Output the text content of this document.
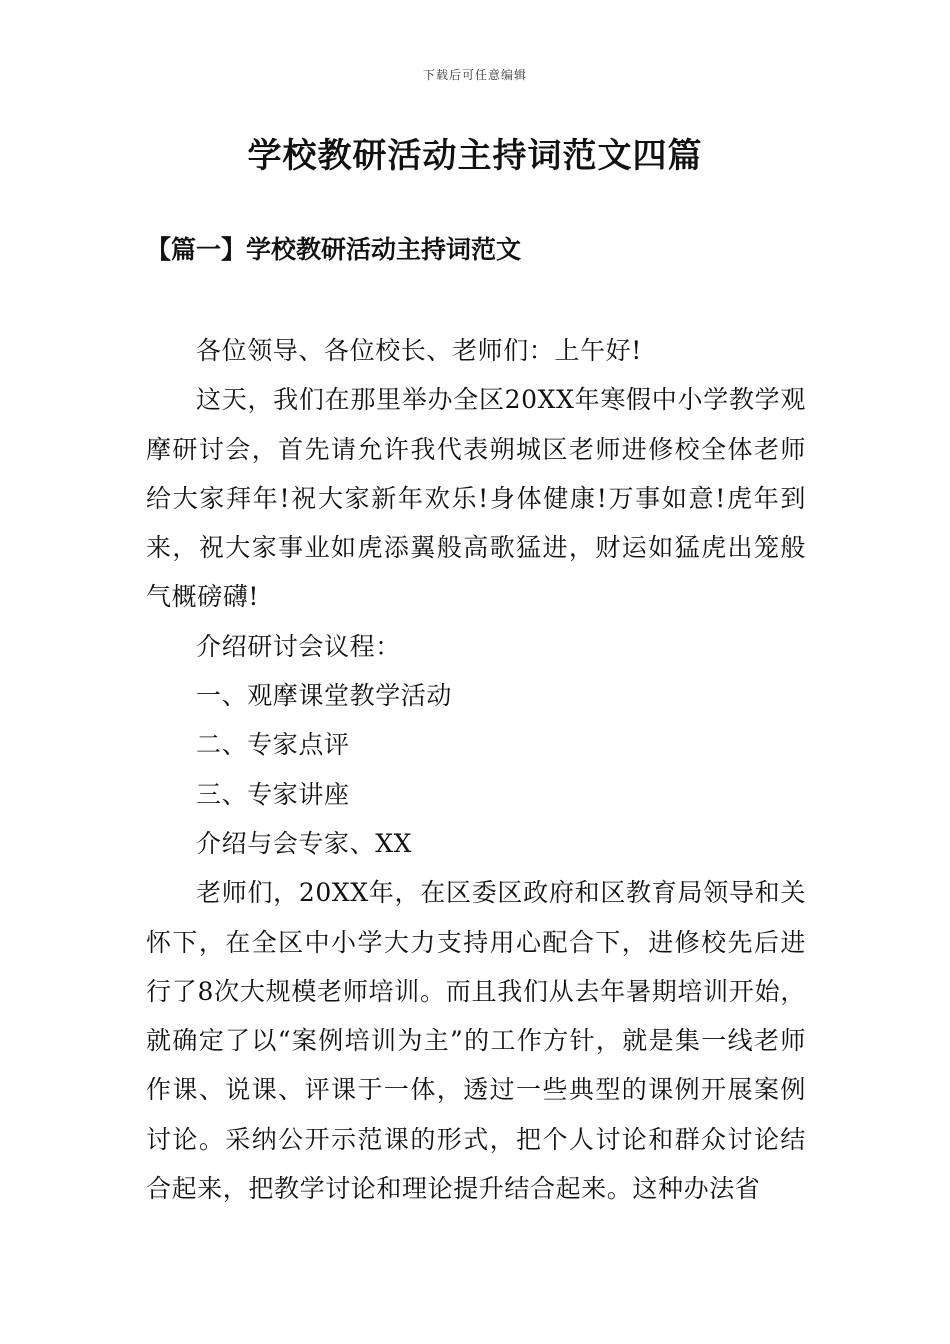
下载后可任意编辑
学校教研活动主持词范文四篇
【篇一】学校教研活动主持词范文

各位领导、各位校长、老师们：上午好!

这天，我们在那里举办全区20XX年寒假中小学教学观摩研讨会，首先请允许我代表朔城区老师进修校全体老师给大家拜年!祝大家新年欢乐!身体健康!万事如意!虎年到来，祝大家事业如虎添翼般高歌猛进，财运如猛虎出笼般气概磅礴!

介绍研讨会议程：

一、观摩课堂教学活动

二、专家点评

三、专家讲座

介绍与会专家、XX

老师们，20XX年，在区委区政府和区教育局领导和关怀下，在全区中小学大力支持用心配合下，进修校先后进行了8次大规模老师培训。而且我们从去年暑期培训开始，就确定了以“案例培训为主”的工作方针，就是集一线老师作课、说课、评课于一体，透过一些典型的课例开展案例讨论。采纳公开示范课的形式，把个人讨论和群众讨论结合起来，把教学讨论和理论提升结合起来。这种办法省
